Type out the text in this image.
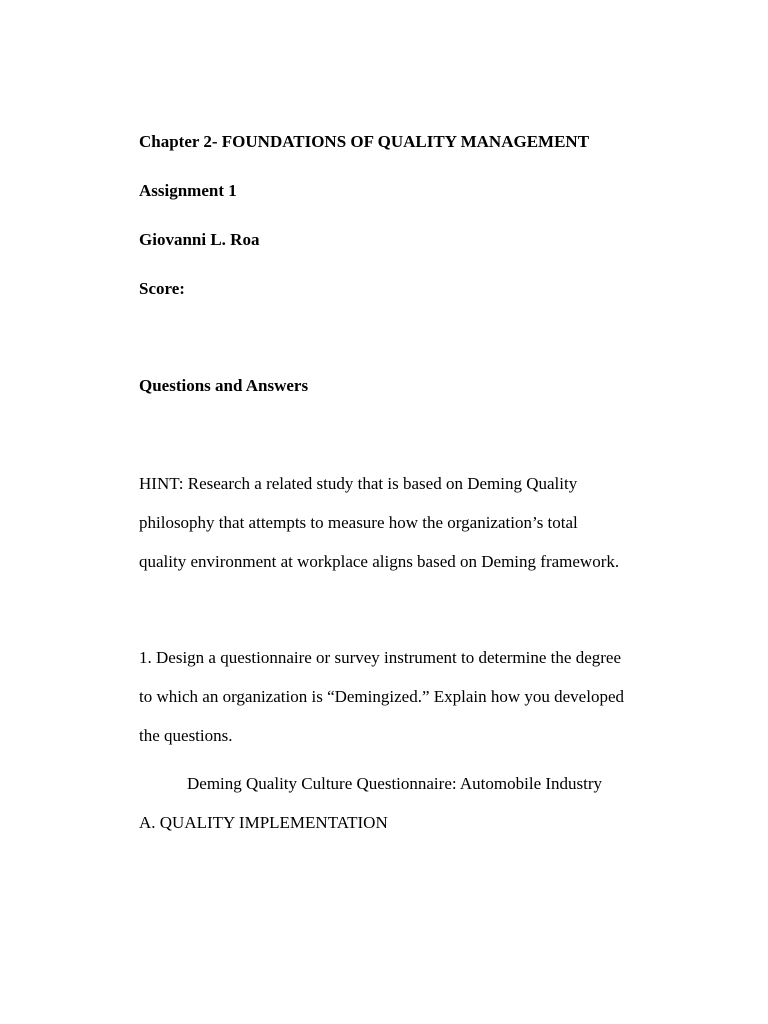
Chapter 2- FOUNDATIONS OF QUALITY MANAGEMENT
Assignment 1
Giovanni L. Roa
Score:
Questions and Answers
HINT: Research a related study that is based on Deming Quality
philosophy that attempts to measure how the organization’s total
quality environment at workplace aligns based on Deming framework.
1. Design a questionnaire or survey instrument to determine the degree
to which an organization is “Demingized.” Explain how you developed
the questions.
Deming Quality Culture Questionnaire: Automobile Industry
A. QUALITY IMPLEMENTATION
